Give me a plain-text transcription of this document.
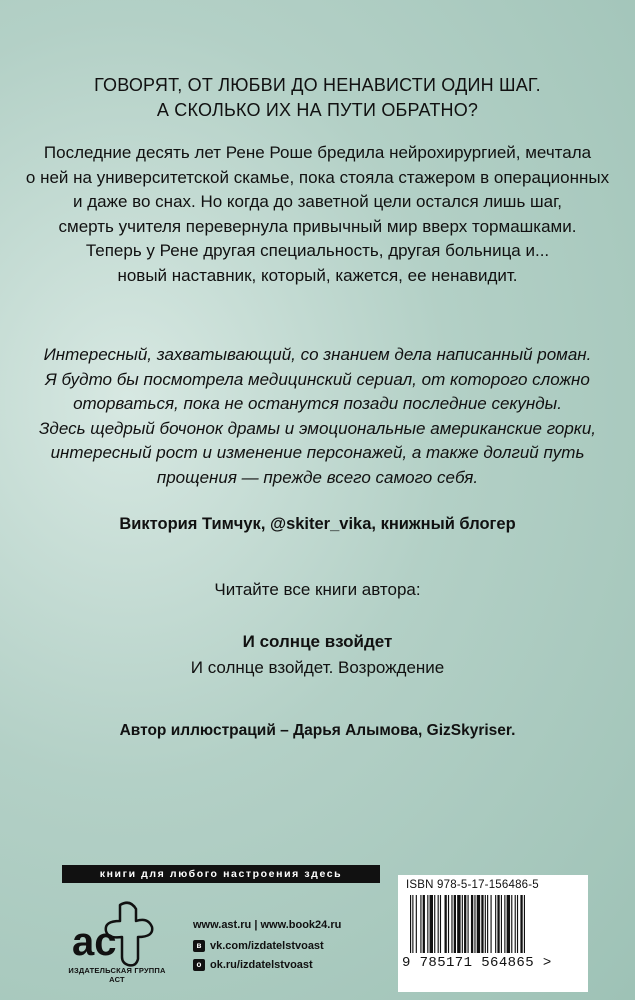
ГОВОРЯТ, ОТ ЛЮБВИ ДО НЕНАВИСТИ ОДИН ШАГ.
А СКОЛЬКО ИХ НА ПУТИ ОБРАТНО?
Последние десять лет Рене Роше бредила нейрохирургией, мечтала
о ней на университетской скамье, пока стояла стажером в операционных
и даже во снах. Но когда до заветной цели остался лишь шаг,
смерть учителя перевернула привычный мир вверх тормашками.
Теперь у Рене другая специальность, другая больница и...
новый наставник, который, кажется, ее ненавидит.
Интересный, захватывающий, со знанием дела написанный роман.
Я будто бы посмотрела медицинский сериал, от которого сложно
оторваться, пока не останутся позади последние секунды.
Здесь щедрый бочонок драмы и эмоциональные американские горки,
интересный рост и изменение персонажей, а также долгий путь
прощения — прежде всего самого себя.
Виктория Тимчук, @skiter_vika, книжный блогер
Читайте все книги автора:
И солнце взойдет
И солнце взойдет. Возрождение
Автор иллюстраций – Дарья Алымова, GizSkyriser.
книги для любого настроения здесь
ac
ИЗДАТЕЛЬСКАЯ ГРУППА АСТ
www.ast.ru | www.book24.ru
в vk.com/izdatelstvoast
о ok.ru/izdatelstvoast
ISBN 978-5-17-156486-5
9 785171 564865 >
